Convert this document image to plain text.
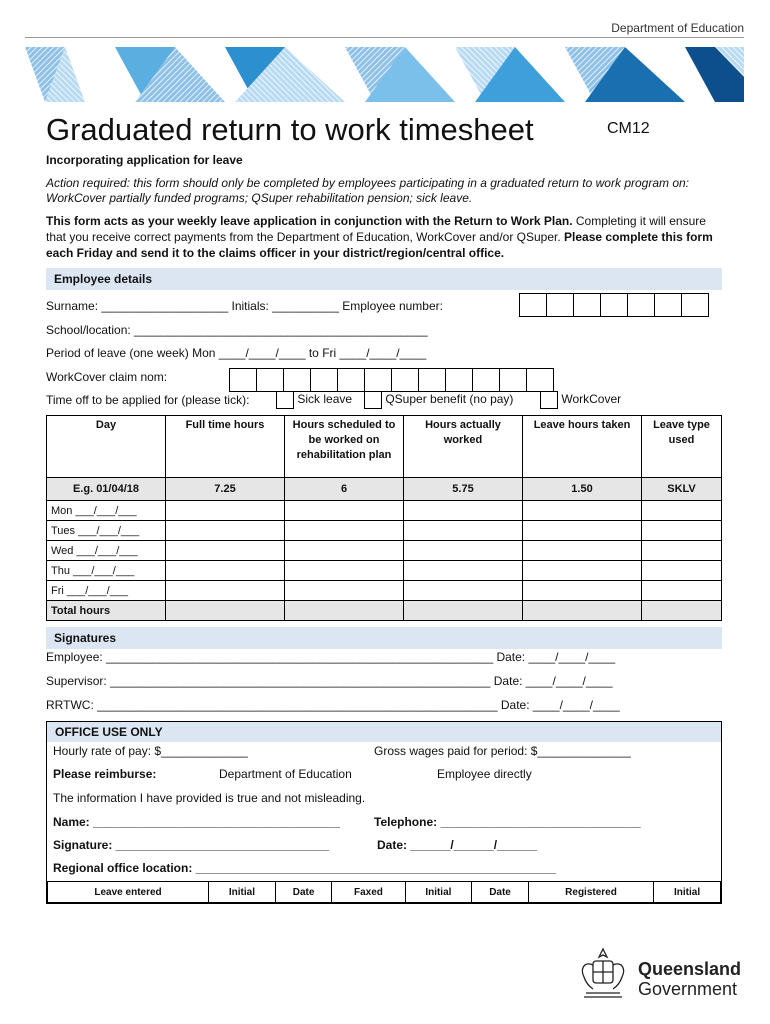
Department of Education
Graduated return to work timesheet	CM12
Incorporating application for leave
Action required: this form should only be completed by employees participating in a graduated return to work program on: WorkCover partially funded programs; QSuper rehabilitation pension; sick leave.
This form acts as your weekly leave application in conjunction with the Return to Work Plan. Completing it will ensure that you receive correct payments from the Department of Education, WorkCover and/or QSuper. Please complete this form each Friday and send it to the claims officer in your district/region/central office.
Employee details
Surname: ___________________ Initials: __________ Employee number:
School/location: ____________________________________________
Period of leave (one week) Mon ____/____/____ to Fri ____/____/____
WorkCover claim nom:
Time off to be applied for (please tick):	Sick leave	QSuper benefit (no pay)	WorkCover
Day	Full time hours	Hours scheduled to be worked on rehabilitation plan	Hours actually worked	Leave hours taken	Leave type used
E.g. 01/04/18	7.25	6	5.75	1.50	SKLV
Mon ___/___/___					
Tues ___/___/___					
Wed ___/___/___					
Thu ___/___/___					
Fri ___/___/___					
Total hours					
Signatures
Employee: __________________________________________________________ Date: ____/____/____
Supervisor: _________________________________________________________ Date: ____/____/____
RRTWC: ____________________________________________________________ Date: ____/____/____
OFFICE USE ONLY
Hourly rate of pay: $_____________	Gross wages paid for period: $______________
Please reimburse:	Department of Education	Employee directly
The information I have provided is true and not misleading.
Name: _____________________________________	Telephone: ______________________________
Signature: ________________________________	Date: ______/______/______
Regional office location: ______________________________________________________
Leave entered	Initial	Date	Faxed	Initial	Date	Registered	Initial
Queensland
Government
